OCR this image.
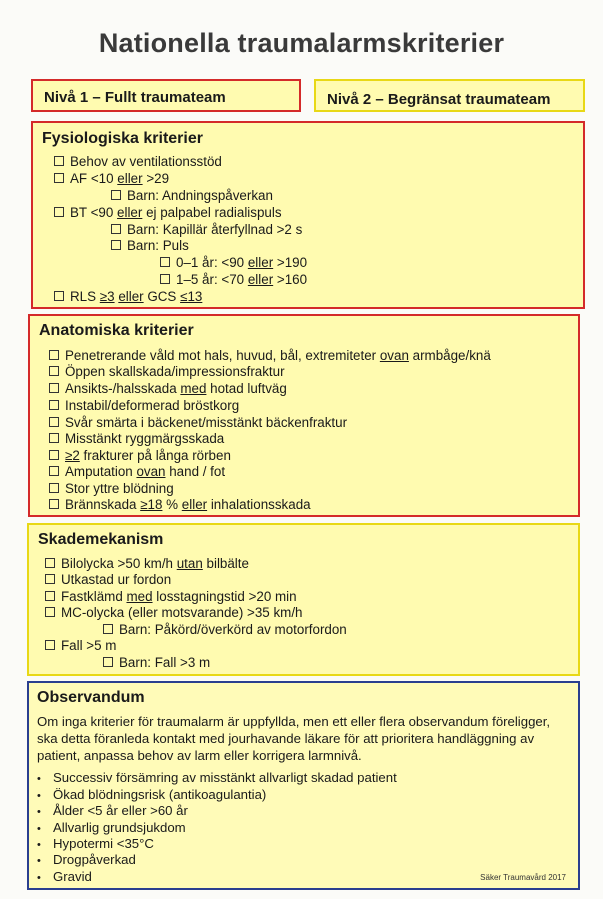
Nationella traumalarmskriterier
Nivå 1 – Fullt traumateam	Nivå 2 – Begränsat traumateam
Fysiologiska kriterier
Behov av ventilationsstöd
AF <10 eller >29
Barn: Andningspåverkan
BT <90 eller ej palpabel radialispuls
Barn: Kapillär återfyllnad >2 s
Barn: Puls
0–1 år: <90 eller >190
1–5 år: <70 eller >160
RLS ≥3 eller GCS ≤13
Anatomiska kriterier
Penetrerande våld mot hals, huvud, bål, extremiteter ovan armbåge/knä
Öppen skallskada/impressionsfraktur
Ansikts-/halsskada med hotad luftväg
Instabil/deformerad bröstkorg
Svår smärta i bäckenet/misstänkt bäckenfraktur
Misstänkt ryggmärgsskada
≥2 frakturer på långa rörben
Amputation ovan hand / fot
Stor yttre blödning
Brännskada ≥18 % eller inhalationsskada
Skademekanism
Bilolycka >50 km/h utan bilbälte
Utkastad ur fordon
Fastklämd med losstagningstid >20 min
MC-olycka (eller motsvarande) >35 km/h
Barn: Påkörd/överkörd av motorfordon
Fall >5 m
Barn: Fall >3 m
Observandum
Om inga kriterier för traumalarm är uppfyllda, men ett eller flera observandum föreligger, ska detta föranleda kontakt med jourhavande läkare för att prioritera handläggning av patient, anpassa behov av larm eller korrigera larmnivå.
• Successiv försämring av misstänkt allvarligt skadad patient
• Ökad blödningsrisk (antikoagulantia)
• Ålder <5 år eller >60 år
• Allvarlig grundsjukdom
• Hypotermi <35°C
• Drogpåverkad
• Gravid	Säker Traumavård 2017
